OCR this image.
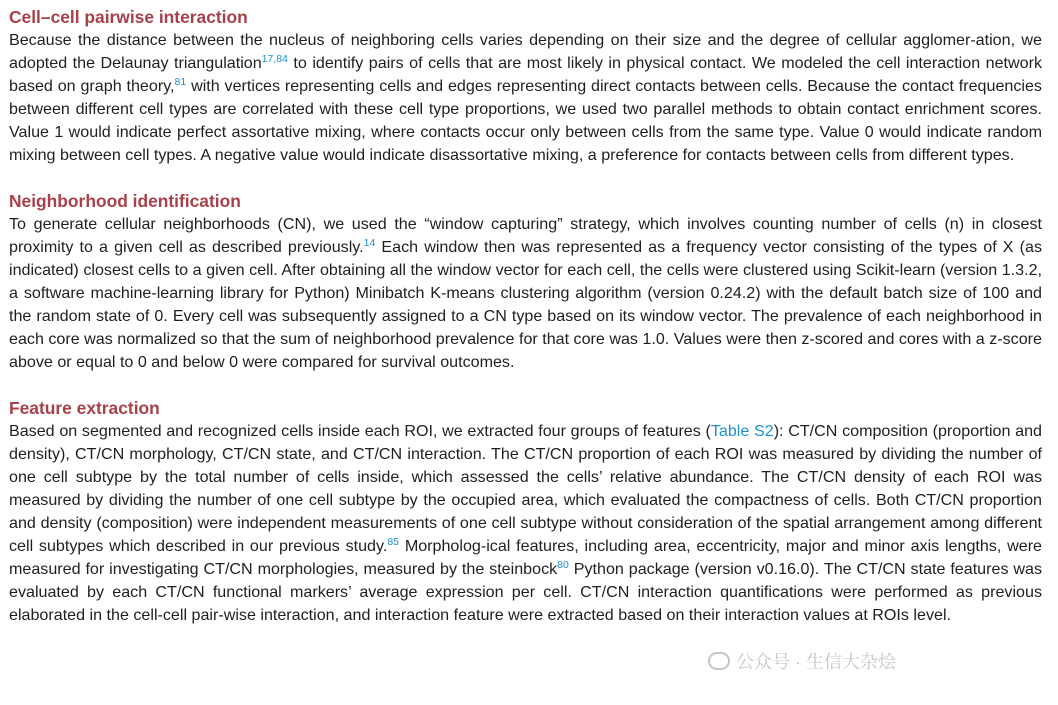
Cell–cell pairwise interaction

Because the distance between the nucleus of neighboring cells varies depending on their size and the degree of cellular agglomer-ation, we adopted the Delaunay triangulation$^{17,84}$ to identify pairs of cells that are most likely in physical contact. We modeled the cell interaction network based on graph theory,$^{81}$ with vertices representing cells and edges representing direct contacts between cells. Because the contact frequencies between different cell types are correlated with these cell type proportions, we used two parallel methods to obtain contact enrichment scores. Value 1 would indicate perfect assortative mixing, where contacts occur only between cells from the same type. Value 0 would indicate random mixing between cell types. A negative value would indicate disassortative mixing, a preference for contacts between cells from different types.

Neighborhood identification

To generate cellular neighborhoods (CN), we used the “window capturing” strategy, which involves counting number of cells (n) in closest proximity to a given cell as described previously.$^{14}$ Each window then was represented as a frequency vector consisting of the types of X (as indicated) closest cells to a given cell. After obtaining all the window vector for each cell, the cells were clustered using Scikit-learn (version 1.3.2, a software machine-learning library for Python) Minibatch K-means clustering algorithm (version 0.24.2) with the default batch size of 100 and the random state of 0. Every cell was subsequently assigned to a CN type based on its window vector. The prevalence of each neighborhood in each core was normalized so that the sum of neighborhood prevalence for that core was 1.0. Values were then z-scored and cores with a z-score above or equal to 0 and below 0 were compared for survival outcomes.

Feature extraction

Based on segmented and recognized cells inside each ROI, we extracted four groups of features (Table S2): CT/CN composition (proportion and density), CT/CN morphology, CT/CN state, and CT/CN interaction. The CT/CN proportion of each ROI was measured by dividing the number of one cell subtype by the total number of cells inside, which assessed the cells’ relative abundance. The CT/CN density of each ROI was measured by dividing the number of one cell subtype by the occupied area, which evaluated the compactness of cells. Both CT/CN proportion and density (composition) were independent measurements of one cell subtype without consideration of the spatial arrangement among different cell subtypes which described in our previous study.$^{85}$ Morpholog-ical features, including area, eccentricity, major and minor axis lengths, were measured for investigating CT/CN morphologies, measured by the steinbock$^{80}$ Python package (version v0.16.0). The CT/CN state features was evaluated by each CT/CN functional markers’ average expression per cell. CT/CN interaction quantifications were performed as previous elaborated in the cell-cell pair-wise interaction, and interaction feature were extracted based on their interaction values at ROIs level.

公众号 · 生信大杂烩
